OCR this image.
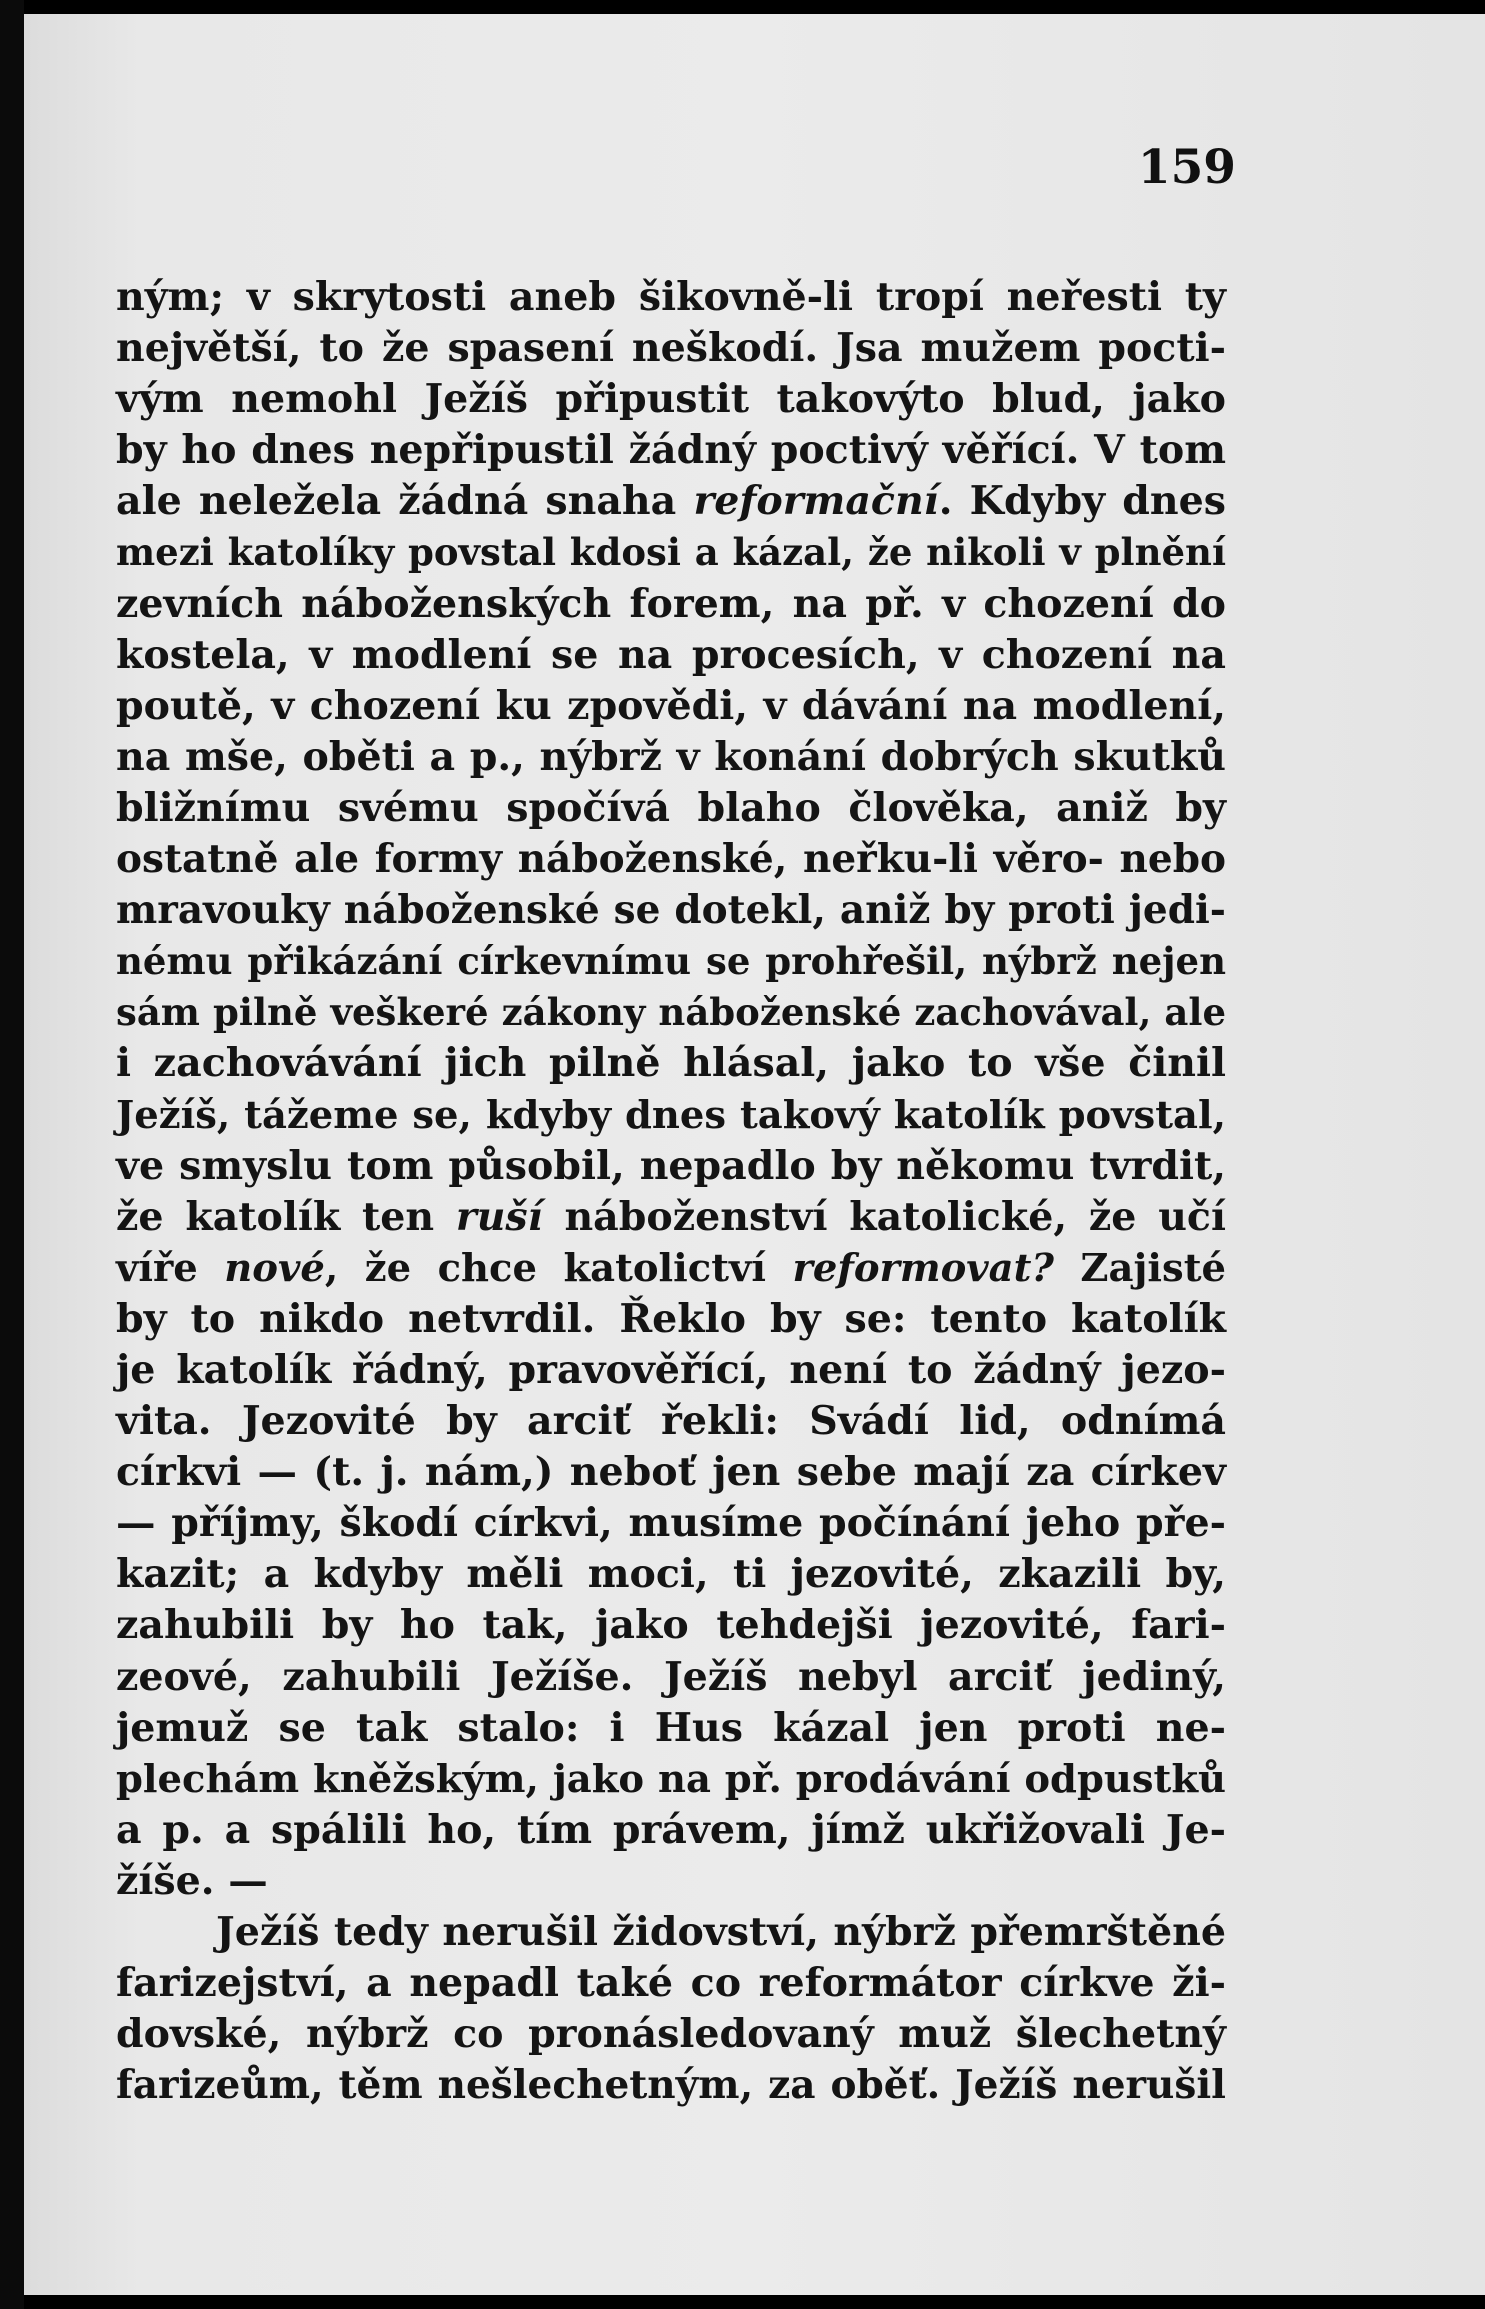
159
ným; v skrytosti aneb šikovně-li tropí neřesti ty
největší, to že spasení neškodí. Jsa mužem pocti-
vým nemohl Ježíš připustit takovýto blud, jako
by ho dnes nepřipustil žádný poctivý věřící. V tom
ale neležela žádná snaha reformační. Kdyby dnes
mezi katolíky povstal kdosi a kázal, že nikoli v plnění
zevních náboženských forem, na př. v chození do
kostela, v modlení se na procesích, v chození na
poutě, v chození ku zpovědi, v dávání na modlení,
na mše, oběti a p., nýbrž v konání dobrých skutků
bližnímu svému spočívá blaho člověka, aniž by
ostatně ale formy náboženské, neřku-li věro- nebo
mravouky náboženské se dotekl, aniž by proti jedi-
nému přikázání církevnímu se prohřešil, nýbrž nejen
sám pilně veškeré zákony náboženské zachovával, ale
i zachovávání jich pilně hlásal, jako to vše činil
Ježíš, tážeme se, kdyby dnes takový katolík povstal,
ve smyslu tom působil, nepadlo by někomu tvrdit,
že katolík ten ruší náboženství katolické, že učí
víře nové, že chce katolictví reformovat? Zajisté
by to nikdo netvrdil. Řeklo by se: tento katolík
je katolík řádný, pravověřící, není to žádný jezo-
vita. Jezovité by arciť řekli: Svádí lid, odnímá
církvi — (t. j. nám,) neboť jen sebe mají za církev
— příjmy, škodí církvi, musíme počínání jeho pře-
kazit; a kdyby měli moci, ti jezovité, zkazili by,
zahubili by ho tak, jako tehdejši jezovité, fari-
zeové, zahubili Ježíše. Ježíš nebyl arciť jediný,
jemuž se tak stalo: i Hus kázal jen proti ne-
plechám kněžským, jako na př. prodávání odpustků
a p. a spálili ho, tím právem, jímž ukřižovali Je-
žíše. —
Ježíš tedy nerušil židovství, nýbrž přemrštěné
farizejství, a nepadl také co reformátor církve ži-
dovské, nýbrž co pronásledovaný muž šlechetný
farizeům, těm nešlechetným, za oběť. Ježíš nerušil
